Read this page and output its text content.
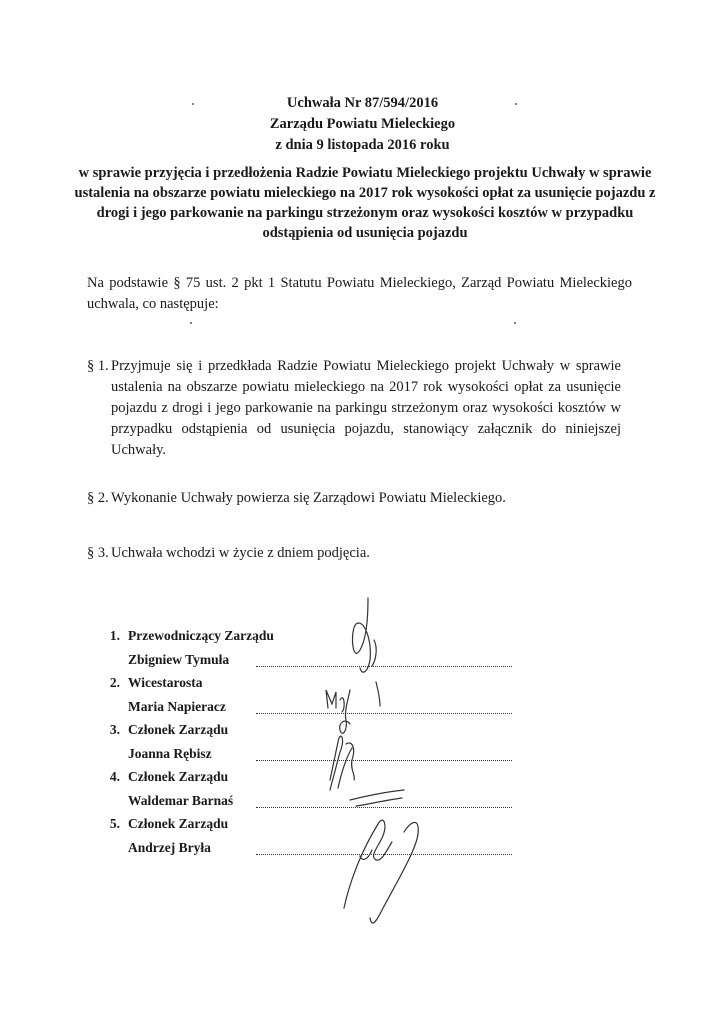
Uchwała Nr 87/594/2016
Zarządu Powiatu Mieleckiego
z dnia 9 listopada 2016 roku
w sprawie przyjęcia i przedłożenia Radzie Powiatu Mieleckiego projektu Uchwały w sprawie ustalenia na obszarze powiatu mieleckiego na 2017 rok wysokości opłat za usunięcie pojazdu z drogi i jego parkowanie na parkingu strzeżonym oraz wysokości kosztów w przypadku odstąpienia od usunięcia pojazdu
Na podstawie § 75 ust. 2 pkt 1 Statutu Powiatu Mieleckiego, Zarząd Powiatu Mieleckiego uchwala, co następuje:
§ 1. Przyjmuje się i przedkłada Radzie Powiatu Mieleckiego projekt Uchwały w sprawie ustalenia na obszarze powiatu mieleckiego na 2017 rok wysokości opłat za usunięcie pojazdu z drogi i jego parkowanie na parkingu strzeżonym oraz wysokości kosztów w przypadku odstąpienia od usunięcia pojazdu, stanowiący załącznik do niniejszej Uchwały.
§ 2. Wykonanie Uchwały powierza się Zarządowi Powiatu Mieleckiego.
§ 3. Uchwała wchodzi w życie z dniem podjęcia.
1. Przewodniczący Zarządu
Zbigniew Tymuła
2. Wicestarosta
Maria Napieracz
3. Członek Zarządu
Joanna Rębisz
4. Członek Zarządu
Waldemar Barnaś
5. Członek Zarządu
Andrzej Bryła
